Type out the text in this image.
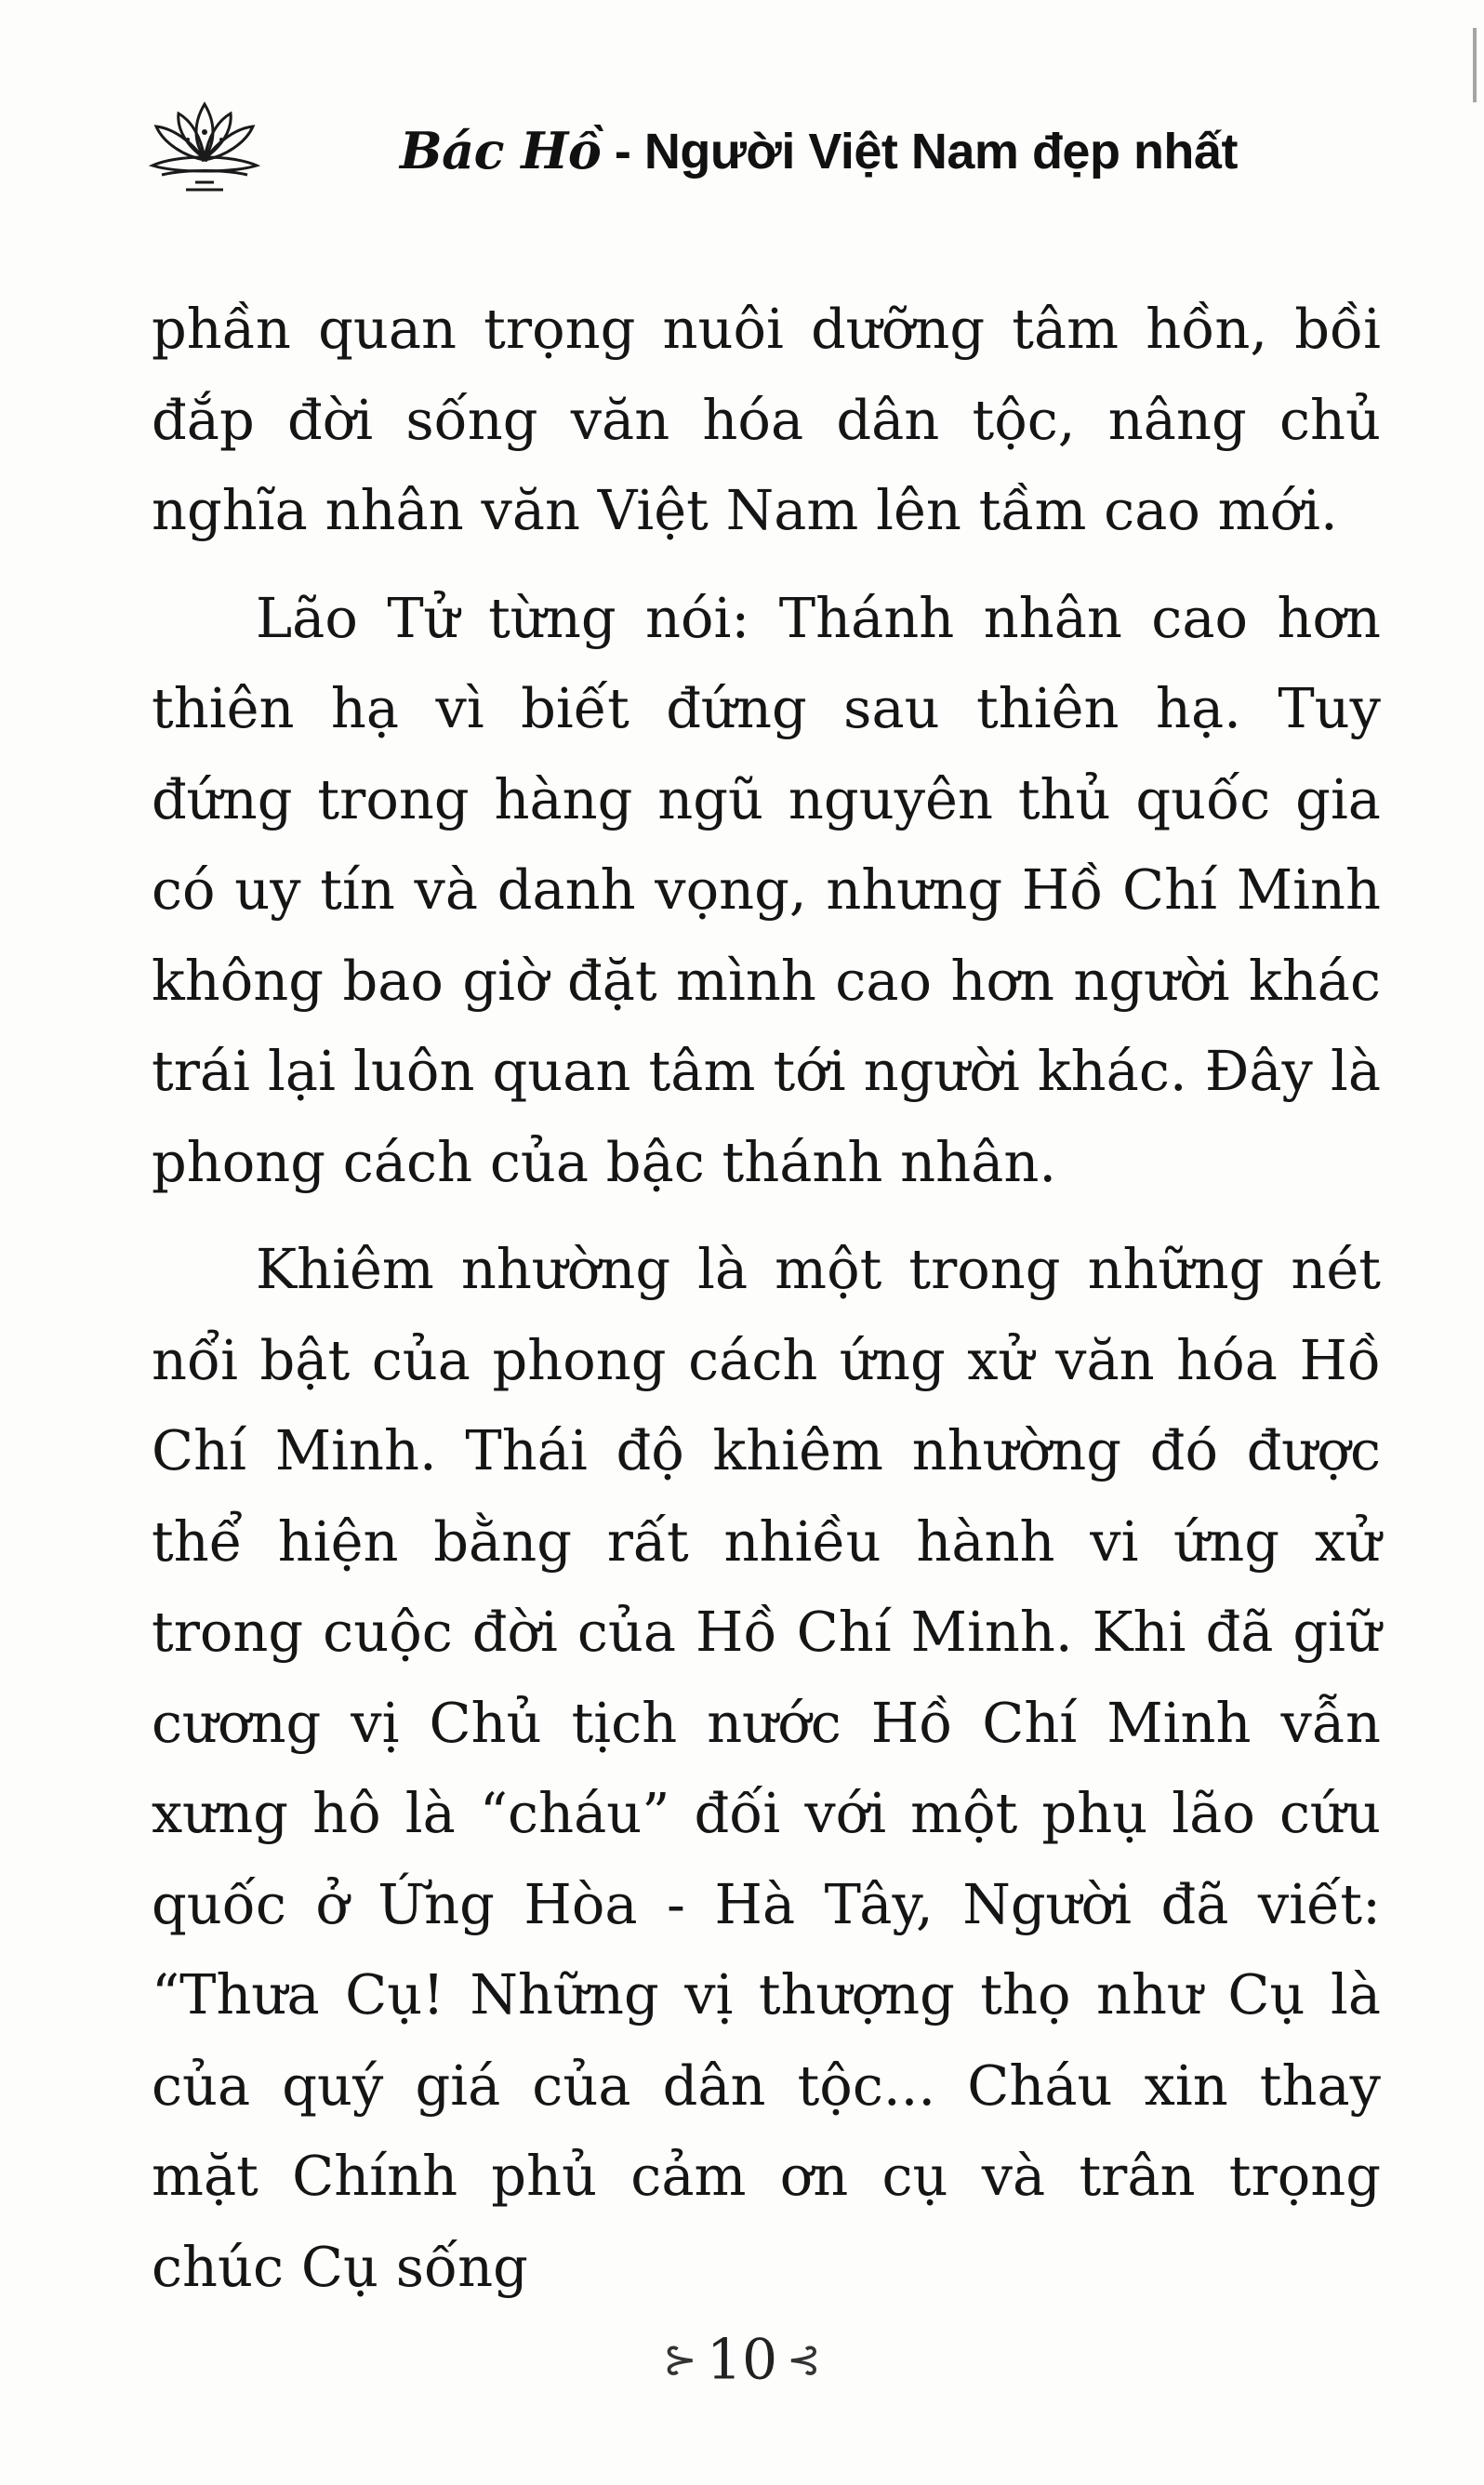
Bác Hồ - Người Việt Nam đẹp nhất

phần quan trọng nuôi dưỡng tâm hồn, bồi đắp đời sống văn hóa dân tộc, nâng chủ nghĩa nhân văn Việt Nam lên tầm cao mới.

Lão Tử từng nói: Thánh nhân cao hơn thiên hạ vì biết đứng sau thiên hạ. Tuy đứng trong hàng ngũ nguyên thủ quốc gia có uy tín và danh vọng, nhưng Hồ Chí Minh không bao giờ đặt mình cao hơn người khác trái lại luôn quan tâm tới người khác. Đây là phong cách của bậc thánh nhân.

Khiêm nhường là một trong những nét nổi bật của phong cách ứng xử văn hóa Hồ Chí Minh. Thái độ khiêm nhường đó được thể hiện bằng rất nhiều hành vi ứng xử trong cuộc đời của Hồ Chí Minh. Khi đã giữ cương vị Chủ tịch nước Hồ Chí Minh vẫn xưng hô là “cháu” đối với một phụ lão cứu quốc ở Ứng Hòa - Hà Tây, Người đã viết: “Thưa Cụ! Những vị thượng thọ như Cụ là của quý giá của dân tộc... Cháu xin thay mặt Chính phủ cảm ơn cụ và trân trọng chúc Cụ sống

⊱ 10 ⊰
